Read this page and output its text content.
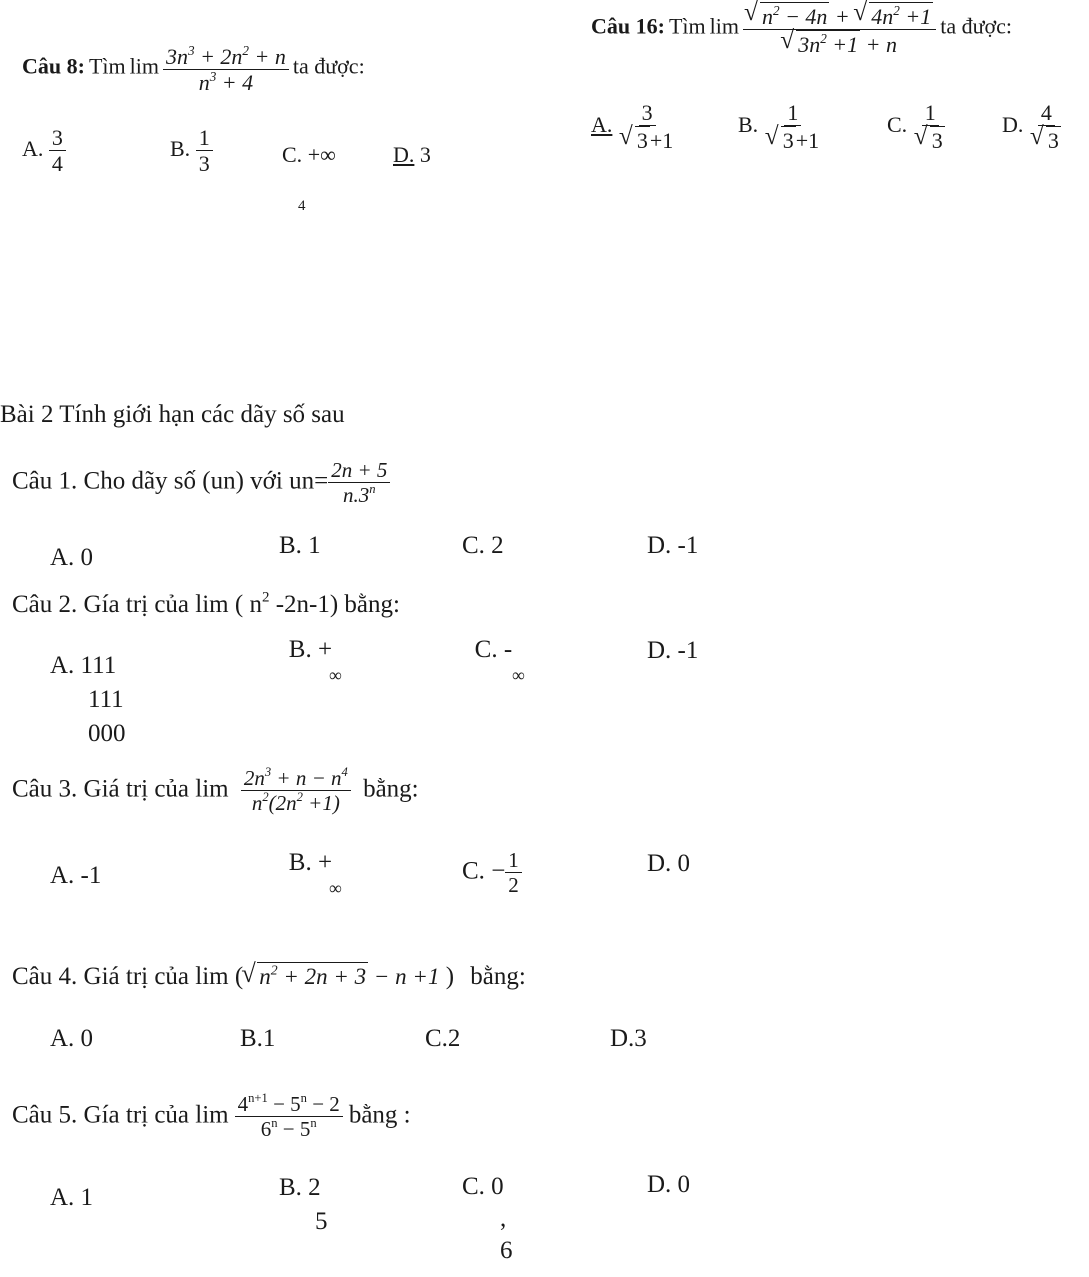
Câu 8: Tìm $\lim \frac{3n^3 + 2n^2 + n}{n^3 + 4}$ ta được:
A. $\frac{3}{4}$	B. $\frac{1}{3}$	C. +∞	D. 3
4
Câu 16: Tìm lim √ $n^2 - 4n$ + √ $4n^2 +1$
√ $3n^2 +1 + n$ ta được:
A. 3
√ 3+1	B. 1
√ 3+1	C. 1
√ 3 D. 4
√ 3
Bài 2 Tính giới hạn các dãy số sau
Câu 1. Cho dãy số (un) với $un= \frac{2n + 5}{n.3^n}$
A. 0	B. 1	C. 2	D. -1
Câu 2. Gía trị của lim ( $n^2$ -2n-1) bằng:
A. 111
111
000
B. +
∞
C. -
∞
D. -1
Câu 3. Giá trị của $\lim \frac{2n^3 + n - n^4}{n^2(2n^2 +1)}$ bằng:
A. -1	B. +
∞
C. − $\frac{1}{2}$	D. 0
Câu 4. Giá trị của lim ( √ $n^2 + 2n + 3 - n +1$ ) bằng:
A. 0	B.1	C.2	D.3
Câu 5. Gía trị của $\lim \frac{4^{n+1} - 5^n - 2}{6^n - 5^n}$ bằng :
A. 1	B. 2
5
C. 0
,
6
D. 0
